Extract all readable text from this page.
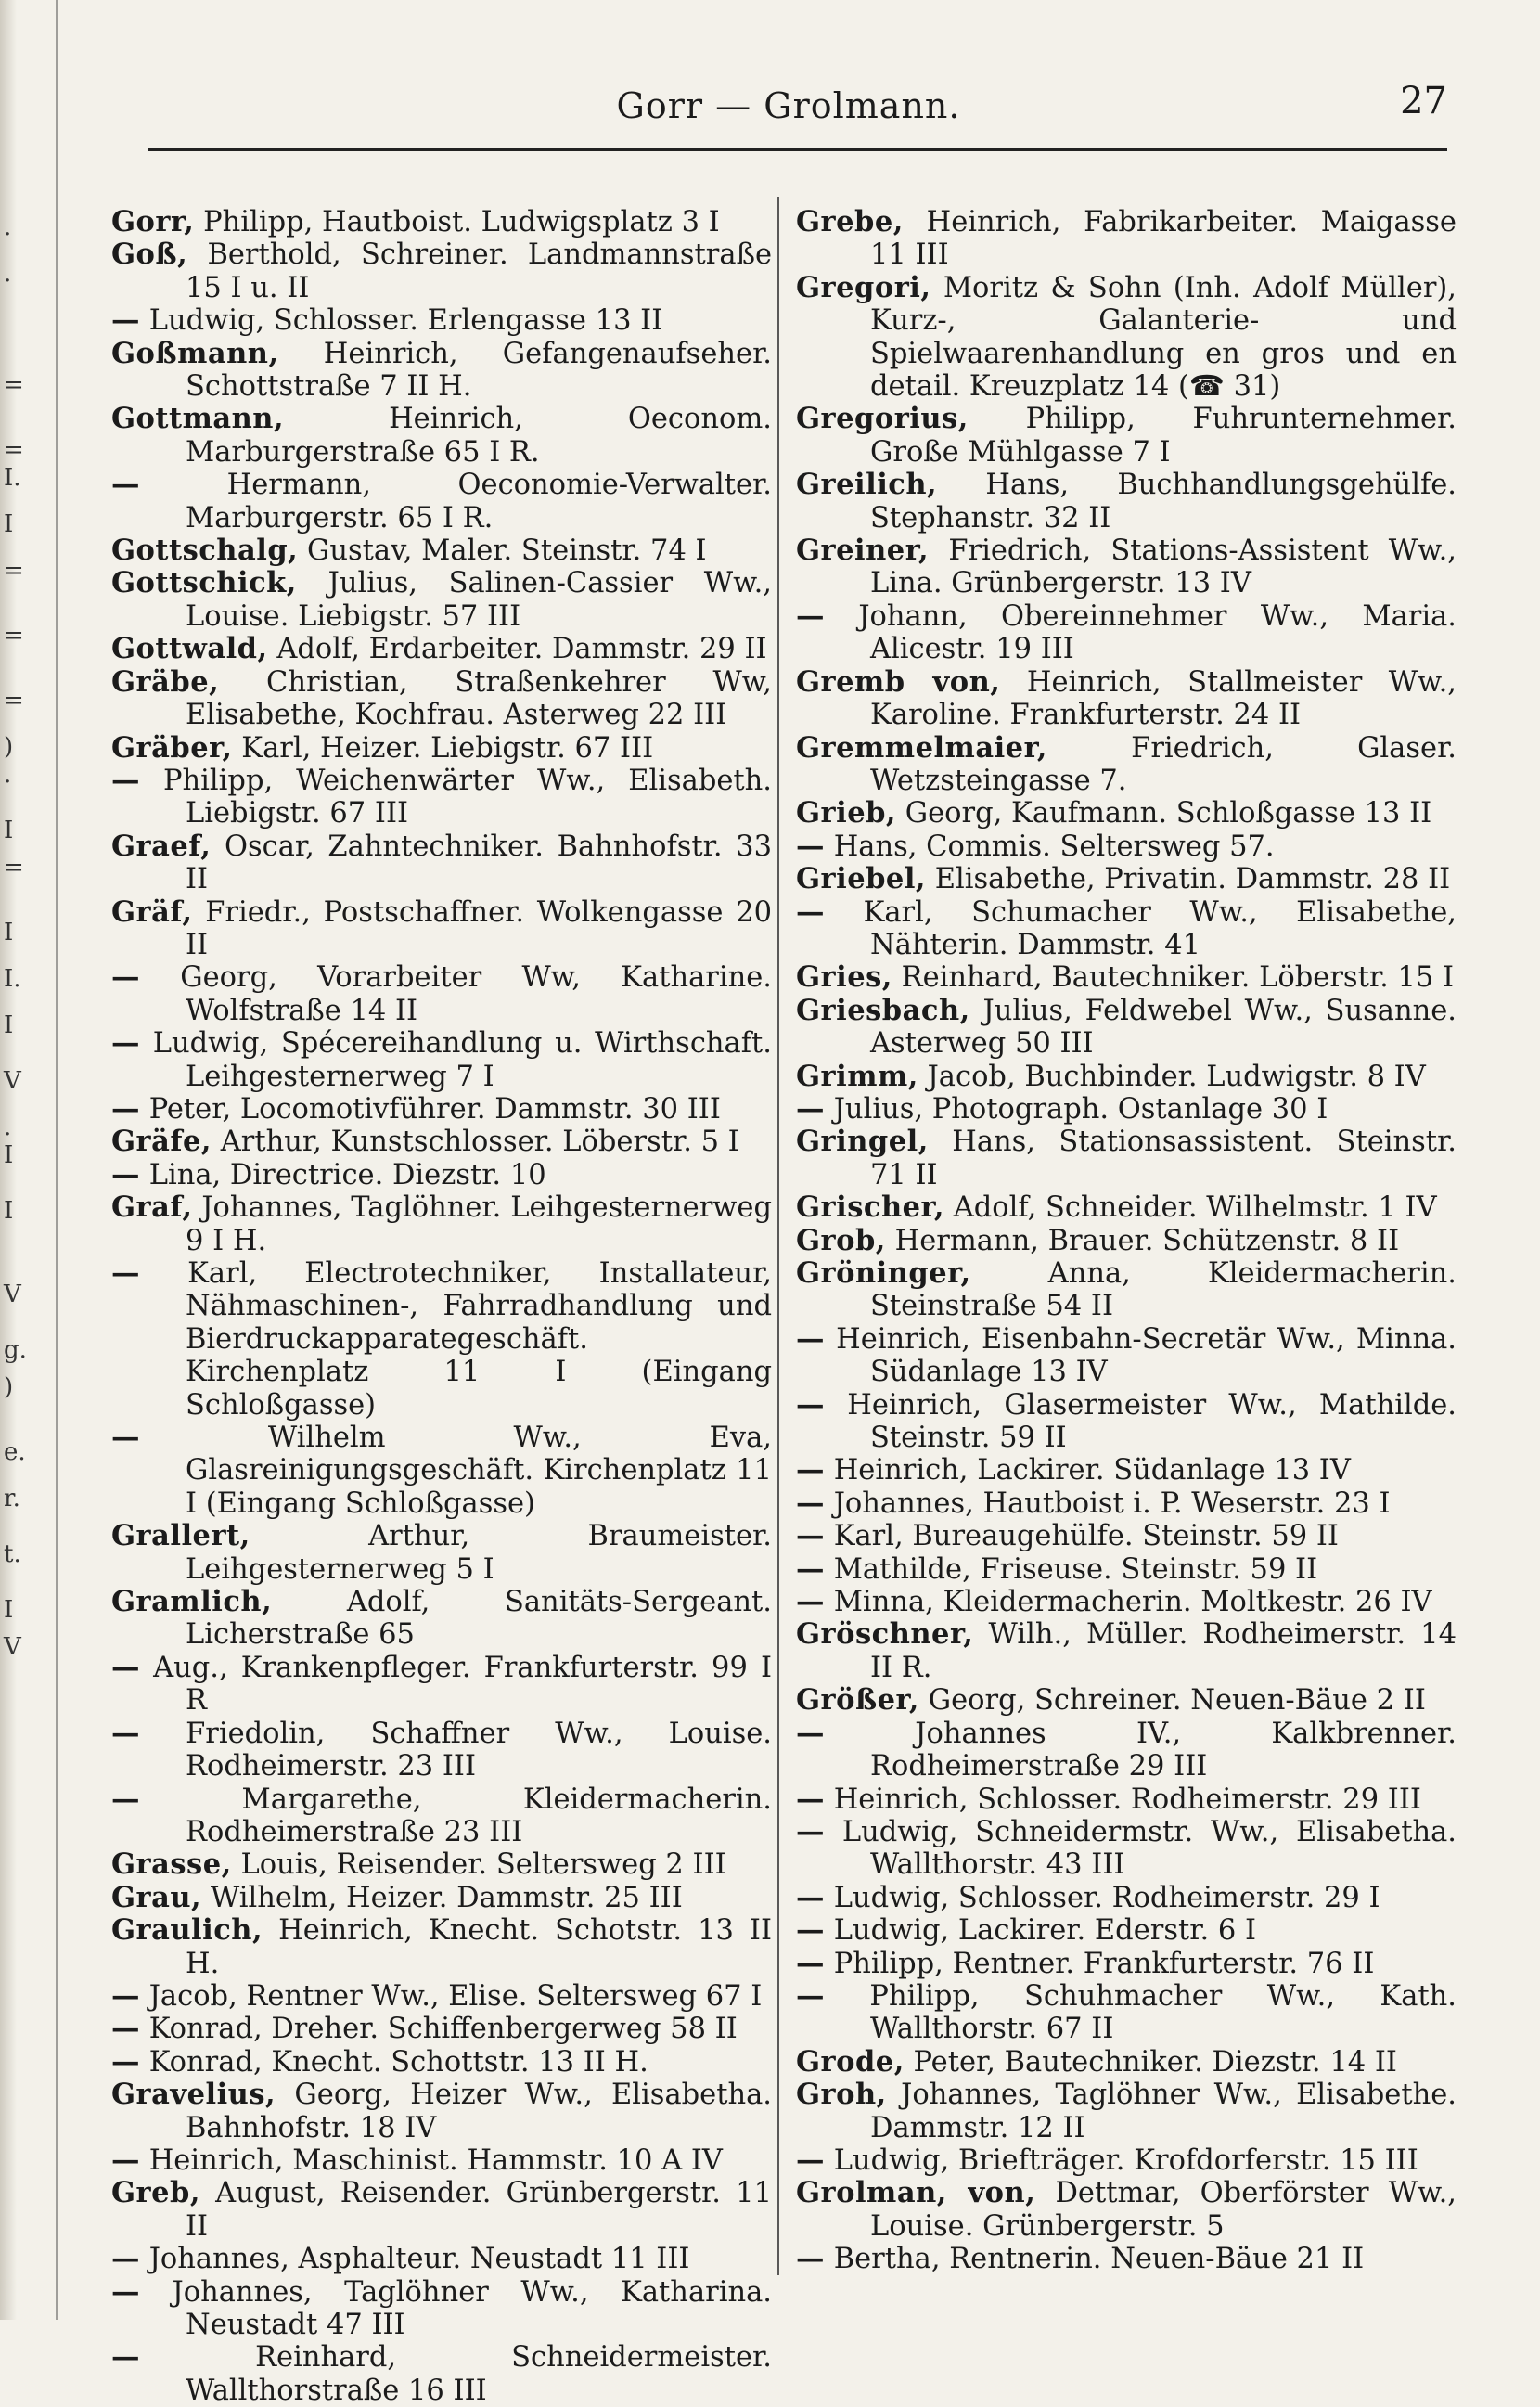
.
.
=
=
I.
I
=
=
=
)
.
I
=
I
I.
I
V
.
I
I
V
g.
)
e.
r.
t.
I
V
Gorr — Grolmann.	27
Gorr, Philipp, Hautboist. Ludwigsplatz 3 I
Goß, Berthold, Schreiner. Landmannstraße 15 I u. II
— Ludwig, Schlosser. Erlengasse 13 II
Goßmann, Heinrich, Gefangenaufseher. Schottstraße 7 II H.
Gottmann,	Heinrich, Oeconom. Marburgerstraße 65 I R.
—	Hermann, Oeconomie-Verwalter. Marburgerstr. 65 I R.
Gottschalg, Gustav, Maler. Steinstr. 74 I
Gottschick, Julius, Salinen-Cassier Ww., Louise. Liebigstr. 57 III
Gottwald, Adolf, Erdarbeiter. Dammstr. 29 II
Gräbe, Christian, Straßenkehrer Ww, Elisabethe, Kochfrau. Asterweg 22 III
Gräber, Karl, Heizer. Liebigstr. 67 III
— Philipp, Weichenwärter Ww., Elisabeth. Liebigstr. 67 III
Graef, Oscar, Zahntechniker. Bahnhofstr. 33 II
Gräf, Friedr., Postschaffner. Wolkengasse 20 II
— Georg, Vorarbeiter Ww, Katharine. Wolfstraße 14 II
— Ludwig, Spécereihandlung u. Wirthschaft. Leihgesternerweg 7 I
— Peter, Locomotivführer. Dammstr. 30 III
Gräfe, Arthur, Kunstschlosser. Löberstr. 5 I
— Lina, Directrice. Diezstr. 10
Graf, Johannes, Taglöhner. Leihgesternerweg 9 I H.
— Karl, Electrotechniker, Installateur, Nähmaschinen-, Fahrradhandlung und Bierdruckapparategeschäft. Kirchenplatz 11 I (Eingang Schloßgasse)
—	Wilhelm Ww., Eva, Glasreinigungsgeschäft. Kirchenplatz 11 I (Eingang Schloßgasse)
Grallert,	Arthur, Braumeister. Leihgesternerweg 5 I
Gramlich,	Adolf, Sanitäts-Sergeant. Licherstraße 65
— Aug., Krankenpfleger. Frankfurterstr. 99 I R
— Friedolin, Schaffner Ww., Louise. Rodheimerstr. 23 III
—	Margarethe, Kleidermacherin. Rodheimerstraße 23 III
Grasse, Louis, Reisender. Seltersweg 2 III
Grau, Wilhelm, Heizer. Dammstr. 25 III
Graulich, Heinrich, Knecht. Schotstr. 13 II H.
— Jacob, Rentner Ww., Elise. Seltersweg 67 I
— Konrad, Dreher. Schiffenbergerweg 58 II
— Konrad, Knecht. Schottstr. 13 II H.
Gravelius, Georg, Heizer Ww., Elisabetha. Bahnhofstr. 18 IV
— Heinrich, Maschinist. Hammstr. 10 A IV
Greb, August, Reisender. Grünbergerstr. 11 II
— Johannes, Asphalteur. Neustadt 11 III
— Johannes, Taglöhner Ww., Katharina. Neustadt 47 III
—	Reinhard, Schneidermeister. Wallthorstraße 16 III
Grebe, Heinrich, Fabrikarbeiter. Maigasse 11 III
Gregori, Moritz & Sohn (Inh. Adolf Müller), Kurz-, Galanterie- und Spielwaarenhandlung en gros und en detail. Kreuzplatz 14 (☎ 31)
Gregorius, Philipp, Fuhrunternehmer. Große Mühlgasse 7 I
Greilich, Hans, Buchhandlungsgehülfe. Stephanstr. 32 II
Greiner, Friedrich, Stations-Assistent Ww., Lina. Grünbergerstr. 13 IV
— Johann, Obereinnehmer Ww., Maria. Alicestr. 19 III
Gremb von, Heinrich, Stallmeister Ww., Karoline. Frankfurterstr. 24 II
Gremmelmaier,	Friedrich, Glaser. Wetzsteingasse 7.
Grieb, Georg, Kaufmann. Schloßgasse 13 II
— Hans, Commis. Seltersweg 57.
Griebel, Elisabethe, Privatin. Dammstr. 28 II
— Karl, Schumacher Ww., Elisabethe, Nähterin. Dammstr. 41
Gries, Reinhard, Bautechniker. Löberstr. 15 I
Griesbach, Julius, Feldwebel Ww., Susanne. Asterweg 50 III
Grimm, Jacob, Buchbinder. Ludwigstr. 8 IV
— Julius, Photograph. Ostanlage 30 I
Gringel, Hans, Stationsassistent. Steinstr. 71 II
Grischer, Adolf, Schneider. Wilhelmstr. 1 IV
Grob, Hermann, Brauer. Schützenstr. 8 II
Gröninger,	Anna, Kleidermacherin. Steinstraße 54 II
— Heinrich, Eisenbahn-Secretär Ww., Minna. Südanlage 13 IV
— Heinrich, Glasermeister Ww., Mathilde. Steinstr. 59 II
— Heinrich, Lackirer. Südanlage 13 IV
— Johannes, Hautboist i. P. Weserstr. 23 I
— Karl, Bureaugehülfe. Steinstr. 59 II
— Mathilde, Friseuse. Steinstr. 59 II
— Minna, Kleidermacherin. Moltkestr. 26 IV
Gröschner, Wilh., Müller. Rodheimerstr. 14 II R.
Größer, Georg, Schreiner. Neuen-Bäue 2 II
—	Johannes IV., Kalkbrenner. Rodheimerstraße 29 III
— Heinrich, Schlosser. Rodheimerstr. 29 III
— Ludwig, Schneidermstr. Ww., Elisabetha. Wallthorstr. 43 III
— Ludwig, Schlosser. Rodheimerstr. 29 I
— Ludwig, Lackirer. Ederstr. 6 I
— Philipp, Rentner. Frankfurterstr. 76 II
— Philipp, Schuhmacher Ww., Kath. Wallthorstr. 67 II
Grode, Peter, Bautechniker. Diezstr. 14 II
Groh, Johannes, Taglöhner Ww., Elisabethe. Dammstr. 12 II
— Ludwig, Briefträger. Krofdorferstr. 15 III
Grolman, von, Dettmar, Oberförster Ww., Louise. Grünbergerstr. 5
— Bertha, Rentnerin. Neuen-Bäue 21 II
